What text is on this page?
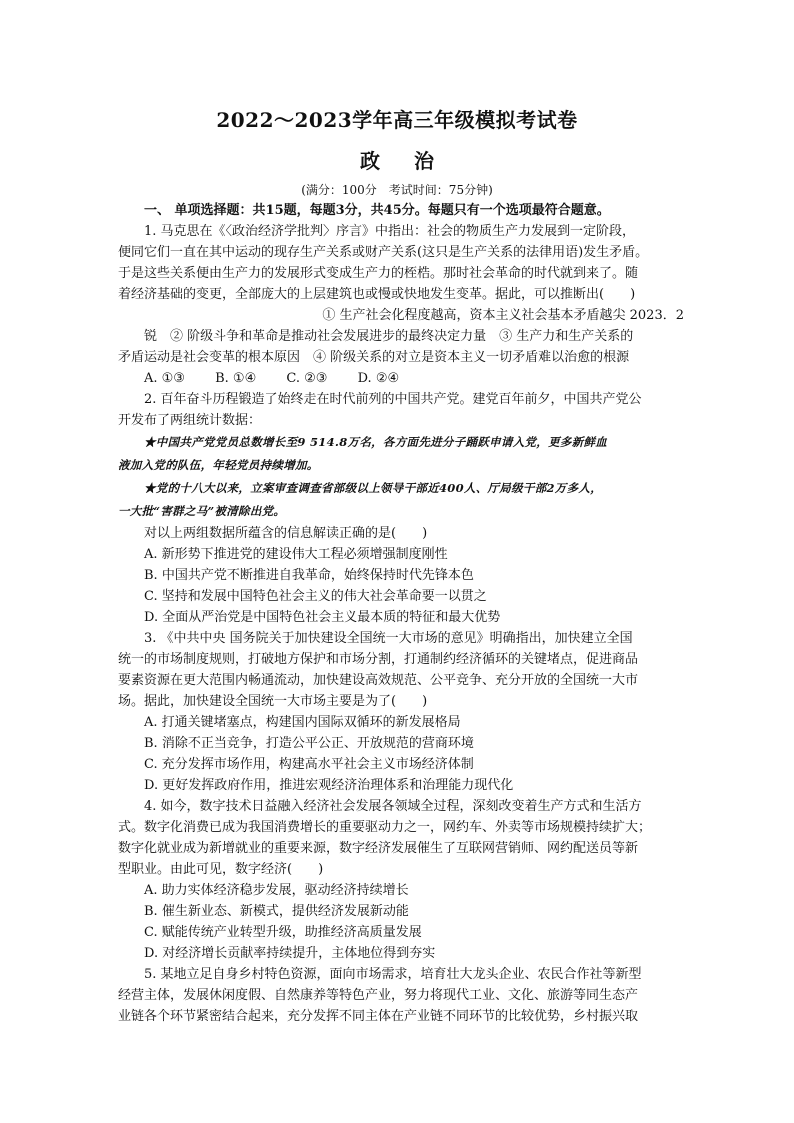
2022～2023学年高三年级模拟考试卷
政治
(满分：100分　考试时间：75分钟)

一、 单项选择题：共15题，每题3分，共45分。每题只有一个选项最符合题意。

1. 马克思在《〈政治经济学批判〉序言》中指出：社会的物质生产力发展到一定阶段，

便同它们一直在其中运动的现存生产关系或财产关系(这只是生产关系的法律用语)发生矛盾。

于是这些关系便由生产力的发展形式变成生产力的桎梏。那时社会革命的时代就到来了。随

着经济基础的变更，全部庞大的上层建筑也或慢或快地发生变革。据此，可以推断出(　　)

① 生产社会化程度越高，资本主义社会基本矛盾越尖 2023．2

锐　② 阶级斗争和革命是推动社会发展进步的最终决定力量　③ 生产力和生产关系的

矛盾运动是社会变革的根本原因　④ 阶级关系的对立是资本主义一切矛盾难以治愈的根源

A. ①③ B. ①④ C. ②③ D. ②④

2. 百年奋斗历程锻造了始终走在时代前列的中国共产党。建党百年前夕，中国共产党公

开发布了两组统计数据：

★中国共产党党员总数增长至9 514.8万名，各方面先进分子踊跃申请入党，更多新鲜血

液加入党的队伍，年轻党员持续增加。

★党的十八大以来，立案审查调查省部级以上领导干部近400人、厅局级干部2万多人，

一大批“害群之马”被清除出党。

对以上两组数据所蕴含的信息解读正确的是(　　)

A. 新形势下推进党的建设伟大工程必须增强制度刚性

B. 中国共产党不断推进自我革命，始终保持时代先锋本色

C. 坚持和发展中国特色社会主义的伟大社会革命要一以贯之

D. 全面从严治党是中国特色社会主义最本质的特征和最大优势

3. 《中共中央 国务院关于加快建设全国统一大市场的意见》明确指出，加快建立全国

统一的市场制度规则，打破地方保护和市场分割，打通制约经济循环的关键堵点，促进商品

要素资源在更大范围内畅通流动，加快建设高效规范、公平竞争、充分开放的全国统一大市

场。据此，加快建设全国统一大市场主要是为了(　　)

A. 打通关键堵塞点，构建国内国际双循环的新发展格局

B. 消除不正当竞争，打造公平公正、开放规范的营商环境

C. 充分发挥市场作用，构建高水平社会主义市场经济体制

D. 更好发挥政府作用，推进宏观经济治理体系和治理能力现代化

4. 如今，数字技术日益融入经济社会发展各领域全过程，深刻改变着生产方式和生活方

式。数字化消费已成为我国消费增长的重要驱动力之一，网约车、外卖等市场规模持续扩大；

数字化就业成为新增就业的重要来源，数字经济发展催生了互联网营销师、网约配送员等新

型职业。由此可见，数字经济(　　)

A. 助力实体经济稳步发展，驱动经济持续增长

B. 催生新业态、新模式，提供经济发展新动能

C. 赋能传统产业转型升级，助推经济高质量发展

D. 对经济增长贡献率持续提升，主体地位得到夯实

5. 某地立足自身乡村特色资源，面向市场需求，培育壮大龙头企业、农民合作社等新型

经营主体，发展休闲度假、自然康养等特色产业，努力将现代工业、文化、旅游等同生态产

业链各个环节紧密结合起来，充分发挥不同主体在产业链不同环节的比较优势，乡村振兴取
